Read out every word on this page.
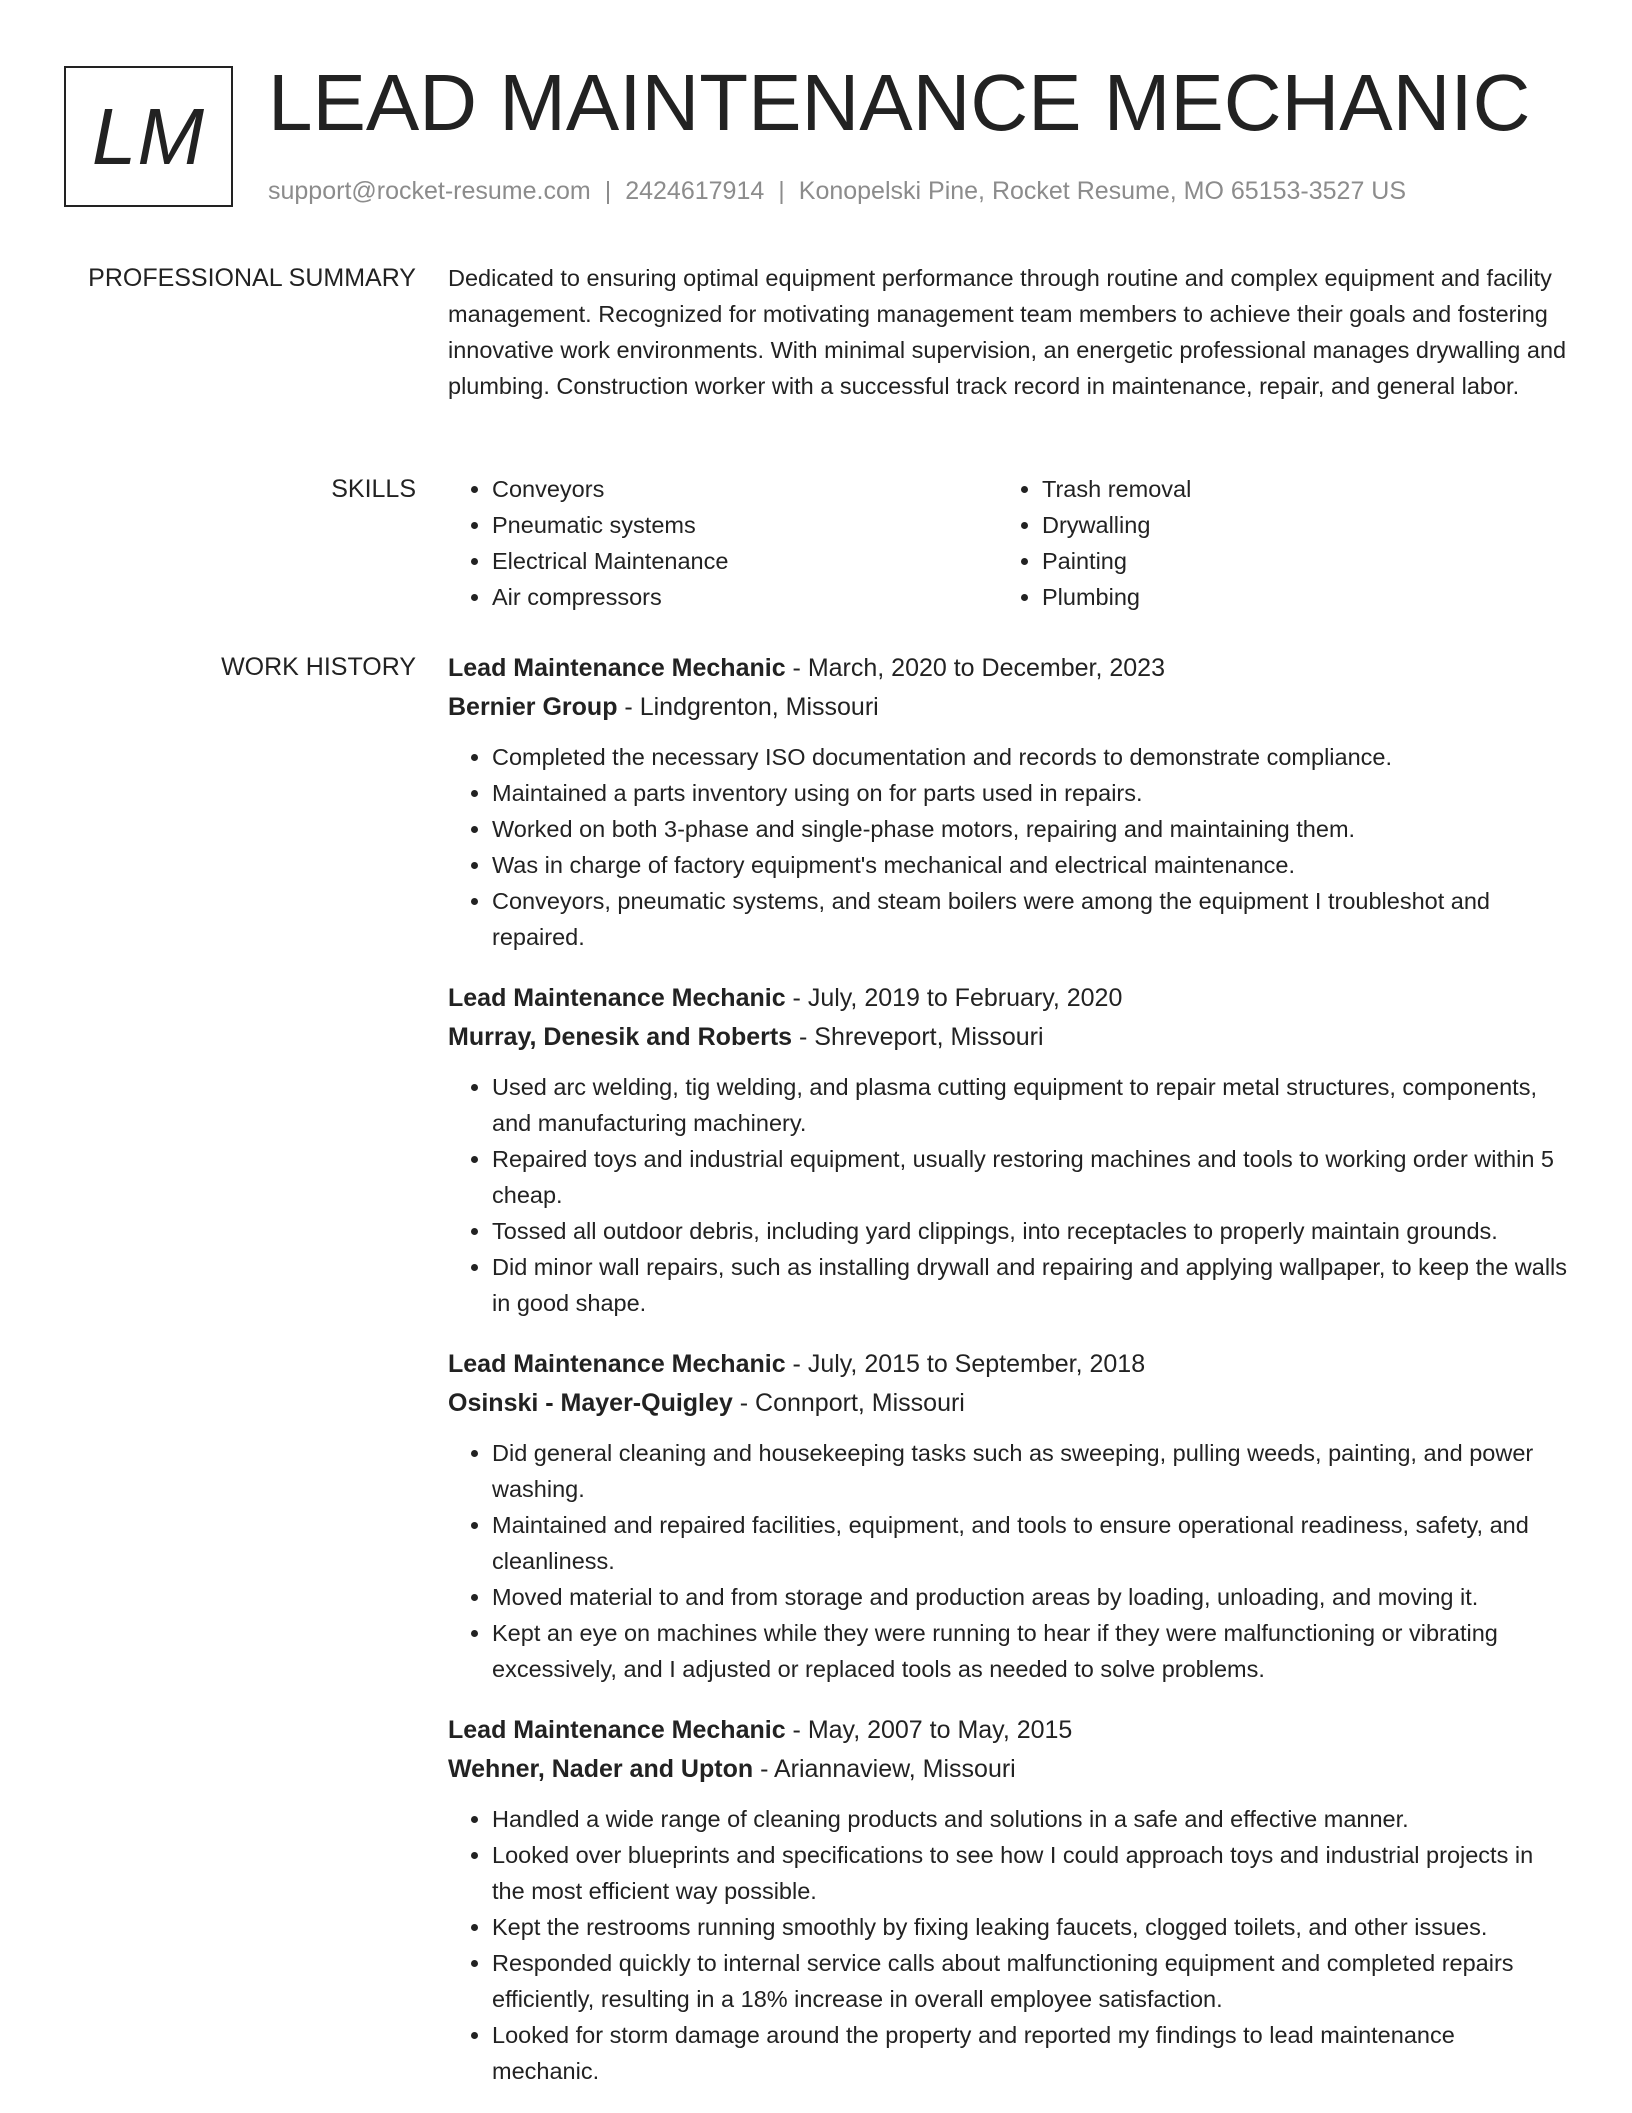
LM LEAD MAINTENANCE MECHANIC
support@rocket-resume.com | 2424617914 | Konopelski Pine, Rocket Resume, MO 65153-3527 US
PROFESSIONAL SUMMARY Dedicated to ensuring optimal equipment performance through routine and complex equipment and facility management. Recognized for motivating management team members to achieve their goals and fostering innovative work environments. With minimal supervision, an energetic professional manages drywalling and plumbing. Construction worker with a successful track record in maintenance, repair, and general labor.

SKILLS
•	Conveyors
• Pneumatic systems
• Electrical Maintenance
• Air compressors
• Trash removal
• Drywalling
• Painting
• Plumbing
WORK HISTORY Lead Maintenance Mechanic - March, 2020 to December, 2023
Bernier Group - Lindgrenton, Missouri
• Completed the necessary ISO documentation and records to demonstrate compliance.
• Maintained a parts inventory using on for parts used in repairs.
• Worked on both 3-phase and single-phase motors, repairing and maintaining them.
• Was in charge of factory equipment's mechanical and electrical maintenance.
• Conveyors, pneumatic systems, and steam boilers were among the equipment I troubleshot and repaired.
Lead Maintenance Mechanic - July, 2019 to February, 2020
Murray, Denesik and Roberts - Shreveport, Missouri
• Used arc welding, tig welding, and plasma cutting equipment to repair metal structures, components, and manufacturing machinery.
• Repaired toys and industrial equipment, usually restoring machines and tools to working order within 5 cheap.
• Tossed all outdoor debris, including yard clippings, into receptacles to properly maintain grounds.
• Did minor wall repairs, such as installing drywall and repairing and applying wallpaper, to keep the walls in good shape.
Lead Maintenance Mechanic - July, 2015 to September, 2018
Osinski - Mayer-Quigley - Connport, Missouri
• Did general cleaning and housekeeping tasks such as sweeping, pulling weeds, painting, and power washing.
• Maintained and repaired facilities, equipment, and tools to ensure operational readiness, safety, and cleanliness.
• Moved material to and from storage and production areas by loading, unloading, and moving it.
• Kept an eye on machines while they were running to hear if they were malfunctioning or vibrating excessively, and I adjusted or replaced tools as needed to solve problems.
Lead Maintenance Mechanic - May, 2007 to May, 2015
Wehner, Nader and Upton - Ariannaview, Missouri
• Handled a wide range of cleaning products and solutions in a safe and effective manner.
• Looked over blueprints and specifications to see how I could approach toys and industrial projects in the most efficient way possible.
• Kept the restrooms running smoothly by fixing leaking faucets, clogged toilets, and other issues.
• Responded quickly to internal service calls about malfunctioning equipment and completed repairs efficiently, resulting in a 18% increase in overall employee satisfaction.
• Looked for storm damage around the property and reported my findings to lead maintenance mechanic.
